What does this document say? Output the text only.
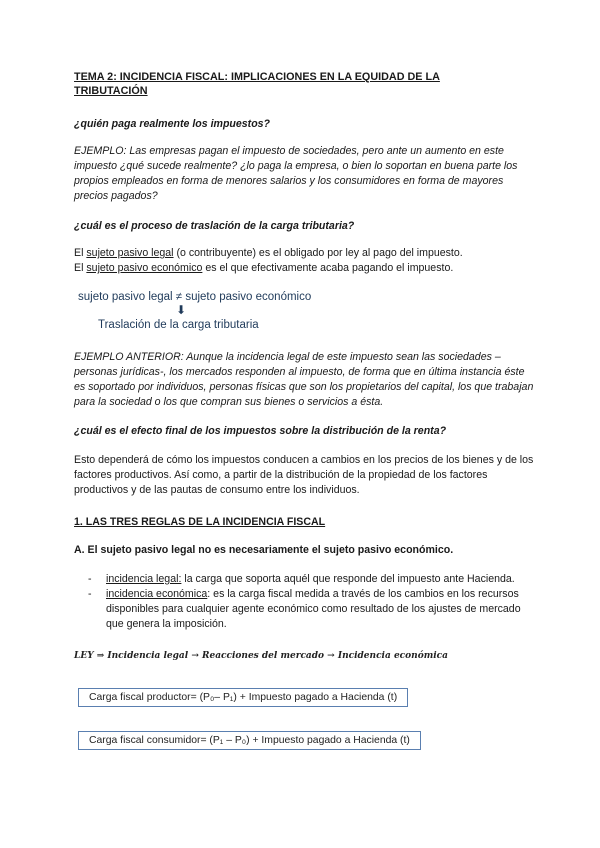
TEMA 2: INCIDENCIA FISCAL: IMPLICACIONES EN LA EQUIDAD DE LA
TRIBUTACIÓN

¿quién paga realmente los impuestos?

EJEMPLO: Las empresas pagan el impuesto de sociedades, pero ante un aumento en este impuesto ¿qué sucede realmente? ¿lo paga la empresa, o bien lo soportan en buena parte los propios empleados en forma de menores salarios y los consumidores en forma de mayores precios pagados?

¿cuál es el proceso de traslación de la carga tributaria?

El sujeto pasivo legal (o contribuyente) es el obligado por ley al pago del impuesto.

El sujeto pasivo económico es el que efectivamente acaba pagando el impuesto.

sujeto pasivo legal ≠ sujeto pasivo económico
⬇
Traslación de la carga tributaria

EJEMPLO ANTERIOR: Aunque la incidencia legal de este impuesto sean las sociedades –personas jurídicas-, los mercados responden al impuesto, de forma que en última instancia éste es soportado por individuos, personas físicas que son los propietarios del capital, los que trabajan para la sociedad o los que compran sus bienes o servicios a ésta.

¿cuál es el efecto final de los impuestos sobre la distribución de la renta?

Esto dependerá de cómo los impuestos conducen a cambios en los precios de los bienes y de los factores productivos. Así como, a partir de la distribución de la propiedad de los factores productivos y de las pautas de consumo entre los individuos.

1. LAS TRES REGLAS DE LA INCIDENCIA FISCAL

A. El sujeto pasivo legal no es necesariamente el sujeto pasivo económico.

- incidencia legal: la carga que soporta aquél que responde del impuesto ante Hacienda.
- incidencia económica: es la carga fiscal medida a través de los cambios en los recursos disponibles para cualquier agente económico como resultado de los ajustes de mercado que genera la imposición.
LEY ⇒ Incidencia legal → Reacciones del mercado → Incidencia económica
Carga fiscal productor= (P₀– P₁) + Impuesto pagado a Hacienda (t)
Carga fiscal consumidor= (P₁ – P₀) + Impuesto pagado a Hacienda (t)
